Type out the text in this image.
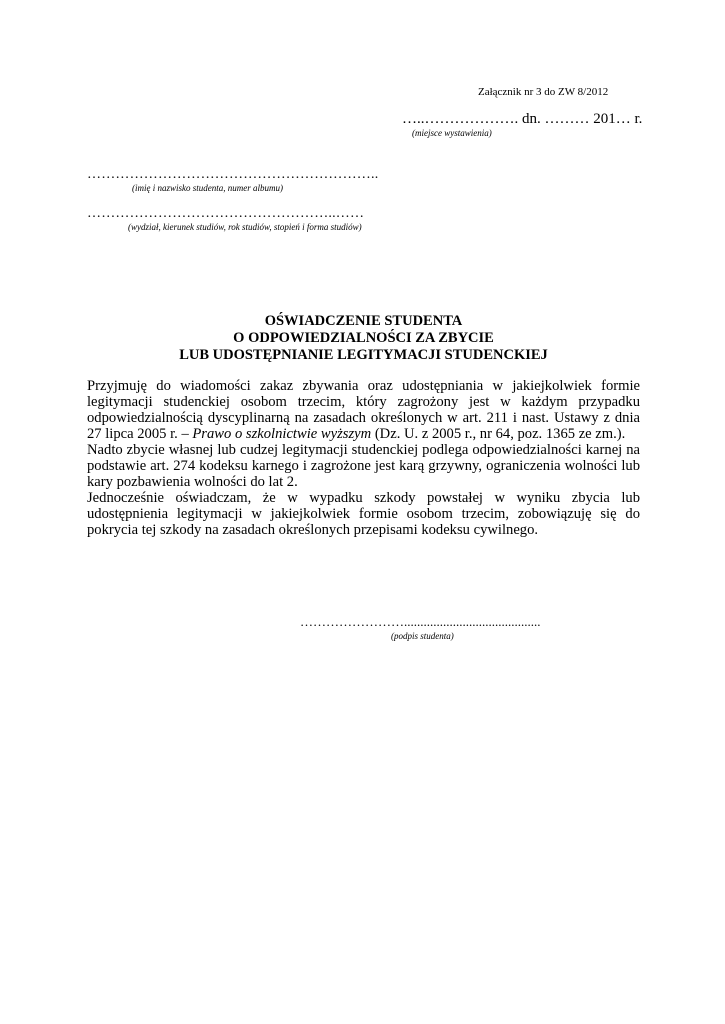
Załącznik nr 3 do ZW 8/2012
…..………………. dn. ……… 201… r.
(miejsce wystawienia)
……………………………………………………..
(imię i nazwisko studenta, numer albumu)
……………………………………………..……
(wydział, kierunek studiów, rok studiów, stopień i forma studiów)
OŚWIADCZENIE STUDENTA
O ODPOWIEDZIALNOŚCI ZA ZBYCIE
LUB UDOSTĘPNIANIE LEGITYMACJI STUDENCKIEJ

Przyjmuję do wiadomości zakaz zbywania oraz udostępniania w jakiejkolwiek formie legitymacji studenckiej osobom trzecim, który zagrożony jest w każdym przypadku odpowiedzialnością dyscyplinarną na zasadach określonych w art. 211 i nast. Ustawy z dnia 27 lipca 2005 r. – Prawo o szkolnictwie wyższym (Dz. U. z 2005 r., nr 64, poz. 1365 ze zm.).

Nadto zbycie własnej lub cudzej legitymacji studenckiej podlega odpowiedzialności karnej na podstawie art. 274 kodeksu karnego i zagrożone jest karą grzywny, ograniczenia wolności lub kary pozbawienia wolności do lat 2.

Jednocześnie oświadczam, że w wypadku szkody powstałej w wyniku zbycia lub udostępnienia legitymacji w jakiejkolwiek formie osobom trzecim, zobowiązuję się do pokrycia tej szkody na zasadach określonych przepisami kodeksu cywilnego.

……………………..........................................
(podpis studenta)
